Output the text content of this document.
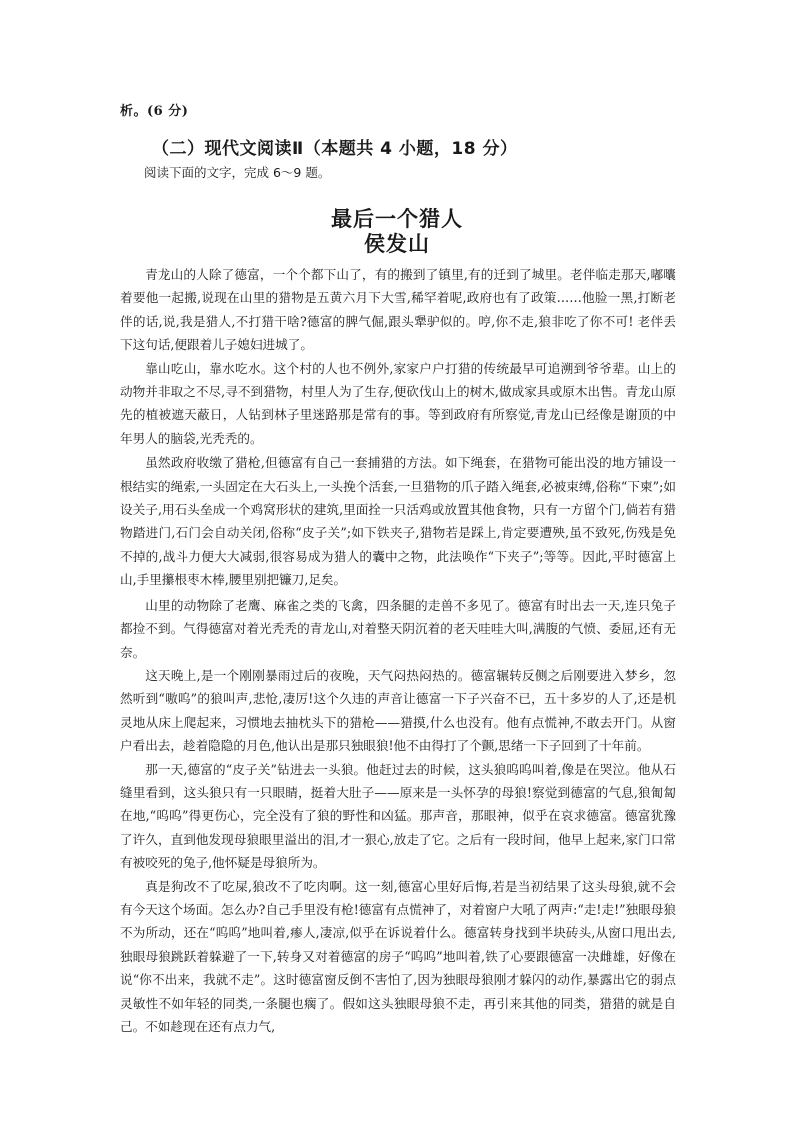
析。(6 分)
（二）现代文阅读Ⅱ（本题共 4 小题，18 分）
阅读下面的文字，完成 6～9 题。
最后一个猎人
侯发山

青龙山的人除了德富，一个个都下山了，有的搬到了镇里,有的迁到了城里。老伴临走那天,嘟囔着要他一起搬,说现在山里的猎物是五黄六月下大雪,稀罕着呢,政府也有了政策……他脸一黑,打断老伴的话,说,我是猎人,不打猎干啥?德富的脾气倔,跟头犟驴似的。哼,你不走,狼非吃了你不可! 老伴丢下这句话,便跟着儿子媳妇进城了。

靠山吃山，靠水吃水。这个村的人也不例外,家家户户打猎的传统最早可追溯到爷爷辈。山上的动物并非取之不尽,寻不到猎物，村里人为了生存,便砍伐山上的树木,做成家具或原木出售。青龙山原先的植被遮天蔽日，人钻到林子里迷路那是常有的事。等到政府有所察觉,青龙山已经像是谢顶的中年男人的脑袋,光秃秃的。

虽然政府收缴了猎枪,但德富有自己一套捕猎的方法。如下绳套，在猎物可能出没的地方铺设一根结实的绳索,一头固定在大石头上,一头挽个活套,一旦猎物的爪子踏入绳套,必被束缚,俗称“下柬”;如设关子,用石头垒成一个鸡窝形状的建筑,里面拴一只活鸡或放置其他食物，只有一方留个门,倘若有猎物踏进门,石门会自动关闭,俗称“皮子关”;如下铁夹子,猎物若是踩上,肯定要遭殃,虽不致死,伤残是免不掉的,战斗力便大大减弱,很容易成为猎人的囊中之物，此法唤作“下夹子”;等等。因此,平时德富上山,手里攥根枣木棒,腰里别把镰刀,足矣。

山里的动物除了老鹰、麻雀之类的飞禽，四条腿的走兽不多见了。德富有时出去一天,连只兔子都捡不到。气得德富对着光秃秃的青龙山,对着整天阴沉着的老天哇哇大叫,满腹的气愤、委屈,还有无奈。

这天晚上,是一个刚刚暴雨过后的夜晚，天气闷热闷热的。德富辗转反侧之后刚要进入梦乡，忽然听到“嗷呜”的狼叫声,悲怆,凄厉!这个久违的声音让德富一下子兴奋不已，五十多岁的人了,还是机灵地从床上爬起来，习惯地去抽枕头下的猎枪——猎摸,什么也没有。他有点慌神,不敢去开门。从窗户看出去，趁着隐隐的月色,他认出是那只独眼狼!他不由得打了个颤,思绪一下子回到了十年前。

那一天,德富的“皮子关”钻进去一头狼。他赶过去的时候，这头狼呜呜叫着,像是在哭泣。他从石缝里看到，这头狼只有一只眼睛，挺着大肚子——原来是一头怀孕的母狼!察觉到德富的气息,狼匍匐在地,“呜呜”得更伤心，完全没有了狼的野性和凶猛。那声音，那眼神，似乎在哀求德富。德富犹豫了许久，直到他发现母狼眼里溢出的泪,才一狠心,放走了它。之后有一段时间，他早上起来,家门口常有被咬死的兔子,他怀疑是母狼所为。

真是狗改不了吃屎,狼改不了吃肉啊。这一刻,德富心里好后悔,若是当初结果了这头母狼,就不会有今天这个场面。怎么办?自己手里没有枪!德富有点慌神了，对着窗户大吼了两声:“走!走!”独眼母狼不为所动，还在“呜呜”地叫着,瘆人,凄凉,似乎在诉说着什么。德富转身找到半块砖头,从窗口甩出去,独眼母狼跳跃着躲避了一下,转身又对着德富的房子“呜呜”地叫着,铁了心要跟德富一决雌雄，好像在说“你不出来，我就不走”。这时德富窗反倒不害怕了,因为独眼母狼刚才躲闪的动作,暴露出它的弱点灵敏性不如年轻的同类,一条腿也瘸了。假如这头独眼母狼不走，再引来其他的同类，猎猎的就是自己。不如趁现在还有点力气,
